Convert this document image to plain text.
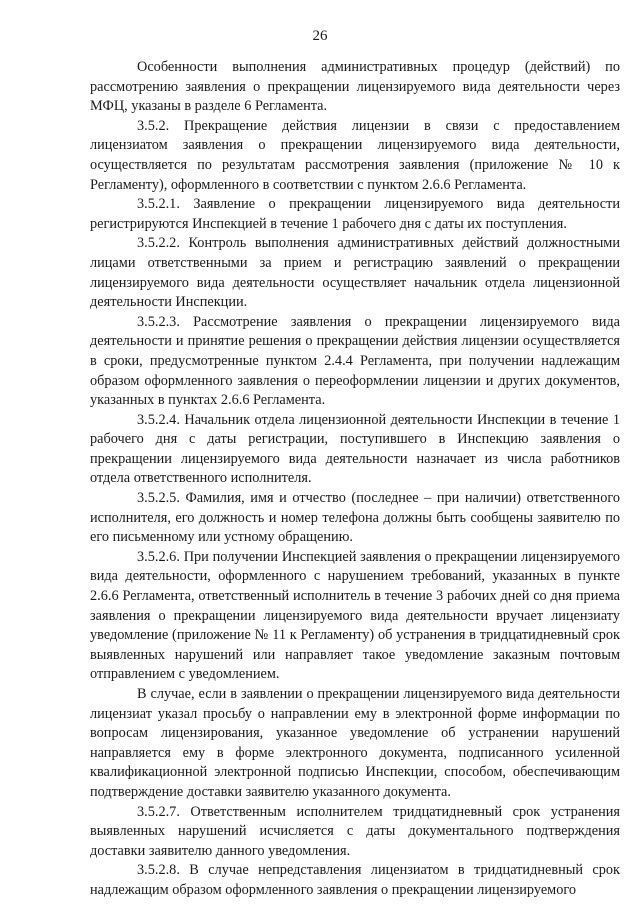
26

Особенности выполнения административных процедур (действий) по рассмотрению заявления о прекращении лицензируемого вида деятельности через МФЦ, указаны в разделе 6 Регламента.

3.5.2. Прекращение действия лицензии в связи с предоставлением лицензиатом заявления о прекращении лицензируемого вида деятельности, осуществляется по результатам рассмотрения заявления (приложение № 10 к Регламенту), оформленного в соответствии с пунктом 2.6.6 Регламента.

3.5.2.1. Заявление о прекращении лицензируемого вида деятельности регистрируются Инспекцией в течение 1 рабочего дня с даты их поступления.

3.5.2.2. Контроль выполнения административных действий должностными лицами ответственными за прием и регистрацию заявлений о прекращении лицензируемого вида деятельности осуществляет начальник отдела лицензионной деятельности Инспекции.

3.5.2.3. Рассмотрение заявления о прекращении лицензируемого вида деятельности и принятие решения о прекращении действия лицензии осуществляется в сроки, предусмотренные пунктом 2.4.4 Регламента, при получении надлежащим образом оформленного заявления о переоформлении лицензии и других документов, указанных в пунктах 2.6.6 Регламента.

3.5.2.4. Начальник отдела лицензионной деятельности Инспекции в течение 1 рабочего дня с даты регистрации, поступившего в Инспекцию заявления о прекращении лицензируемого вида деятельности назначает из числа работников отдела ответственного исполнителя.

3.5.2.5. Фамилия, имя и отчество (последнее – при наличии) ответственного исполнителя, его должность и номер телефона должны быть сообщены заявителю по его письменному или устному обращению.

3.5.2.6. При получении Инспекцией заявления о прекращении лицензируемого вида деятельности, оформленного с нарушением требований, указанных в пункте 2.6.6 Регламента, ответственный исполнитель в течение 3 рабочих дней со дня приема заявления о прекращении лицензируемого вида деятельности вручает лицензиату уведомление (приложение № 11 к Регламенту) об устранения в тридцатидневный срок выявленных нарушений или направляет такое уведомление заказным почтовым отправлением с уведомлением.

В случае, если в заявлении о прекращении лицензируемого вида деятельности лицензиат указал просьбу о направлении ему в электронной форме информации по вопросам лицензирования, указанное уведомление об устранении нарушений направляется ему в форме электронного документа, подписанного усиленной квалификационной электронной подписью Инспекции, способом, обеспечивающим подтверждение доставки заявителю указанного документа.

3.5.2.7. Ответственным исполнителем тридцатидневный срок устранения выявленных нарушений исчисляется с даты документального подтверждения доставки заявителю данного уведомления.

3.5.2.8. В случае непредставления лицензиатом в тридцатидневный срок надлежащим образом оформленного заявления о прекращении лицензируемого
